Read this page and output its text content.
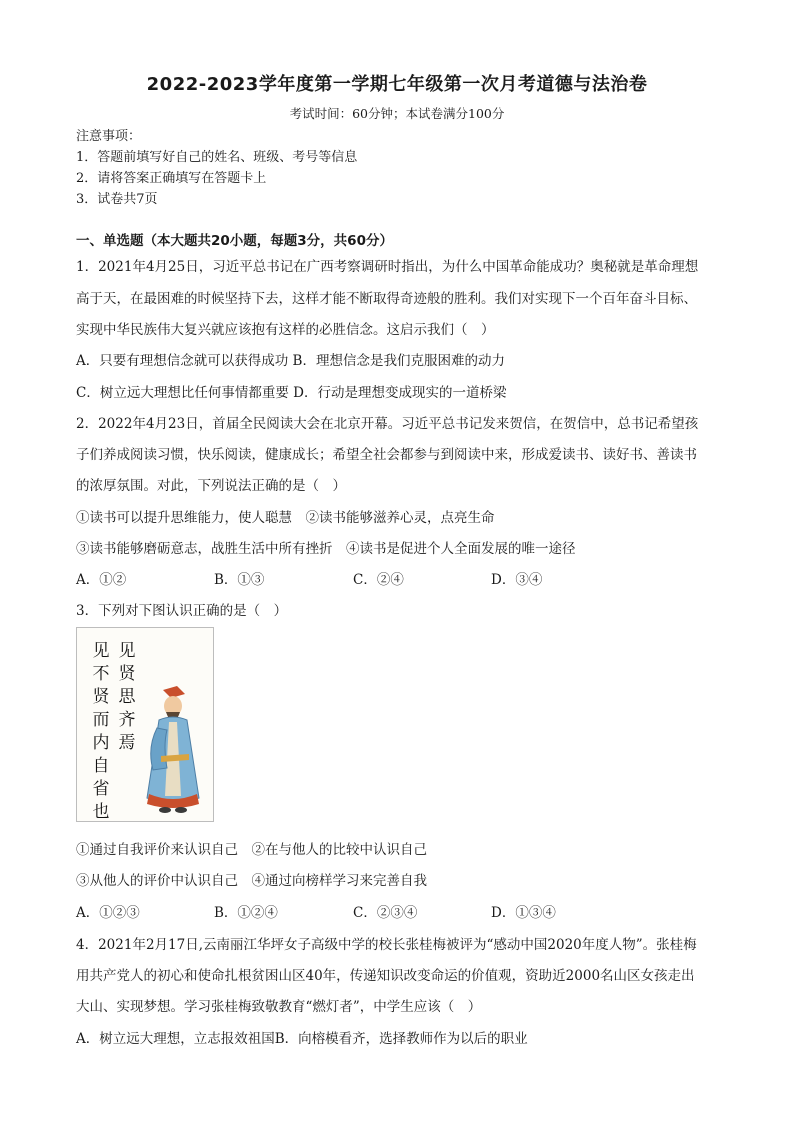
2022-2023学年度第一学期七年级第一次月考道德与法治卷
考试时间：60分钟；本试卷满分100分
注意事项：
1．答题前填写好自己的姓名、班级、考号等信息
2．请将答案正确填写在答题卡上
3．试卷共7页
一、单选题（本大题共20小题，每题3分，共60分）
1．2021年4月25日，习近平总书记在广西考察调研时指出，为什么中国革命能成功？奥秘就是革命理想
高于天，在最困难的时候坚持下去，这样才能不断取得奇迹般的胜利。我们对实现下一个百年奋斗目标、
实现中华民族伟大复兴就应该抱有这样的必胜信念。这启示我们（　）
A．只要有理想信念就可以获得成功 B．理想信念是我们克服困难的动力
C．树立远大理想比任何事情都重要 D．行动是理想变成现实的一道桥梁
2．2022年4月23日，首届全民阅读大会在北京开幕。习近平总书记发来贺信，在贺信中，总书记希望孩
子们养成阅读习惯，快乐阅读，健康成长；希望全社会都参与到阅读中来，形成爱读书、读好书、善读书
的浓厚氛围。对此，下列说法正确的是（　）
①读书可以提升思维能力，使人聪慧　②读书能够滋养心灵，点亮生命
③读书能够磨砺意志，战胜生活中所有挫折　④读书是促进个人全面发展的唯一途径
A．①②	B．①③	C．②④	D．③④
3．下列对下图认识正确的是（　）
见贤思齐焉
见不贤而内自省也
①通过自我评价来认识自己　②在与他人的比较中认识自己
③从他人的评价中认识自己　④通过向榜样学习来完善自我
A．①②③	B．①②④	C．②③④	D．①③④
4．2021年2月17日,云南丽江华坪女子高级中学的校长张桂梅被评为“感动中国2020年度人物”。张桂梅
用共产党人的初心和使命扎根贫困山区40年，传递知识改变命运的价值观，资助近2000名山区女孩走出
大山、实现梦想。学习张桂梅致敬教育“燃灯者”，中学生应该（　）
A．树立远大理想，立志报效祖国B．向榕模看齐，选择教师作为以后的职业
